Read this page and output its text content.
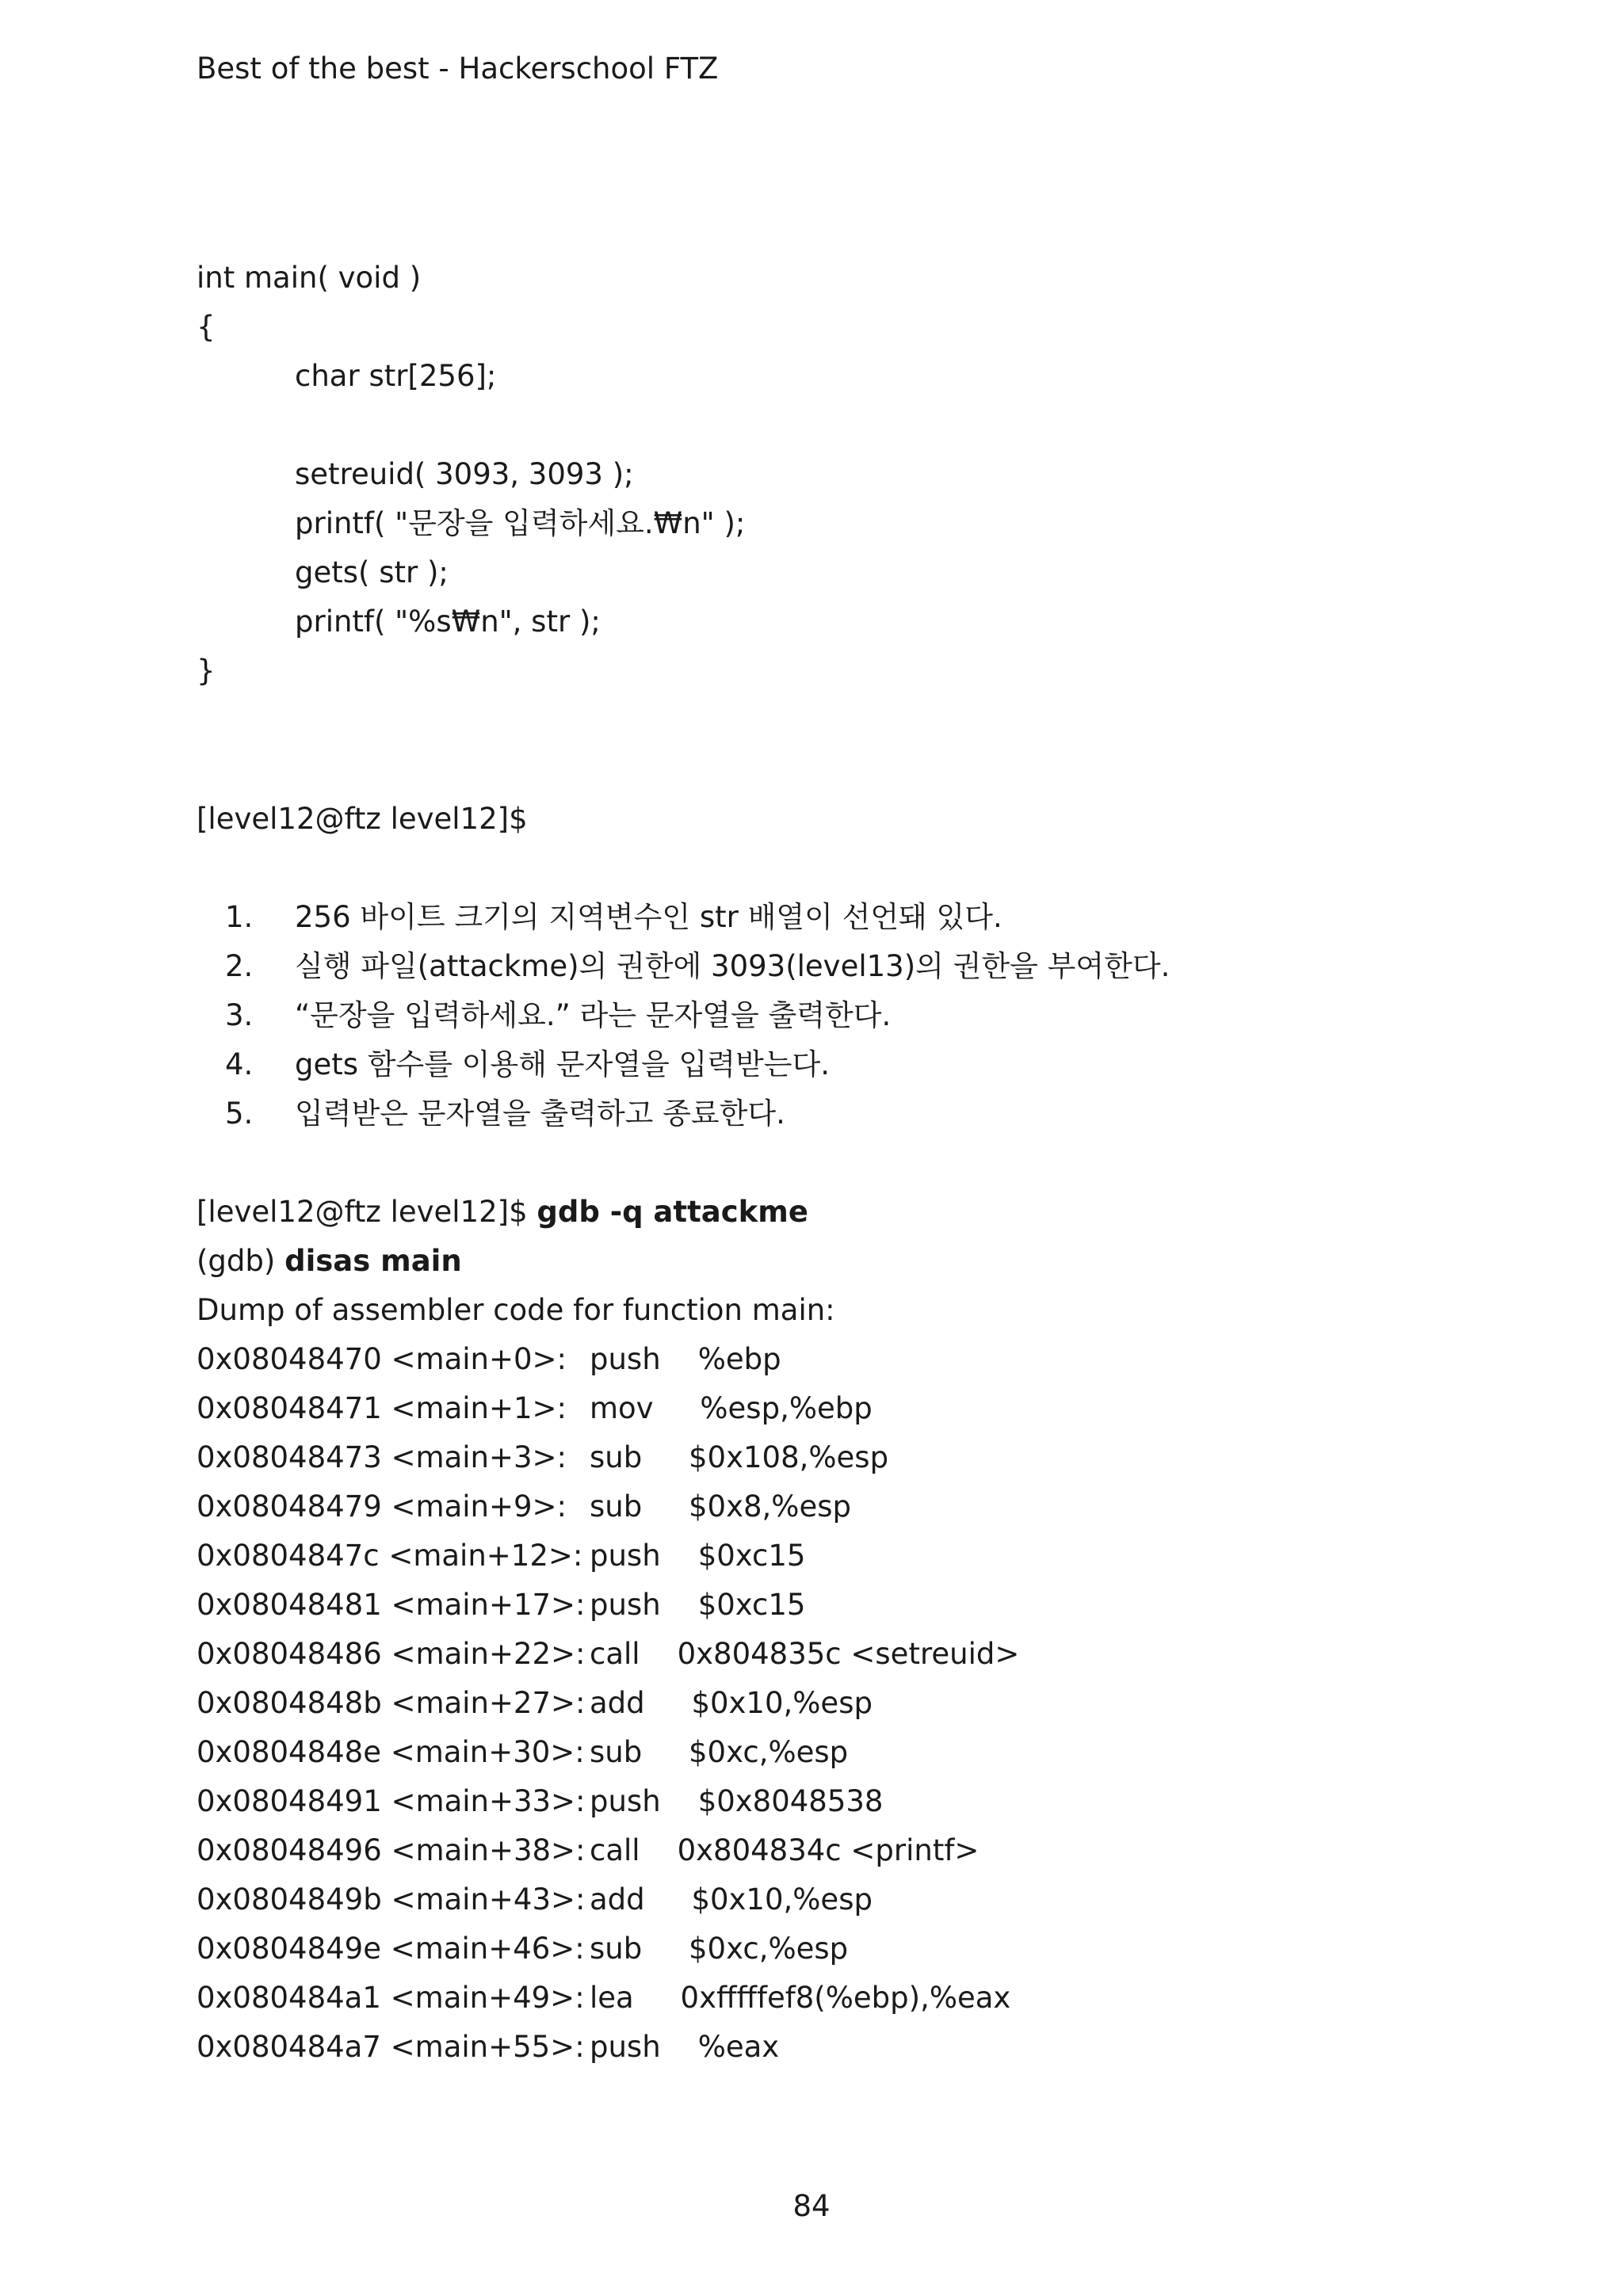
Best of the best - Hackerschool FTZ
int main( void )
{
char str[256];
setreuid( 3093, 3093 );
printf( "문장을 입력하세요.₩n" );
gets( str );
printf( "%s₩n", str );
}
[level12@ftz level12]$
1. 256 바이트 크기의 지역변수인 str 배열이 선언돼 있다.
2. 실행 파일(attackme)의 권한에 3093(level13)의 권한을 부여한다.
3. “문장을 입력하세요.” 라는 문자열을 출력한다.
4. gets 함수를 이용해 문자열을 입력받는다.
5. 입력받은 문자열을 출력하고 종료한다.
[level12@ftz level12]$ gdb -q attackme
(gdb) disas main
Dump of assembler code for function main:
0x08048470 <main+0>: push    %ebp
0x08048471 <main+1>: mov     %esp,%ebp
0x08048473 <main+3>: sub     $0x108,%esp
0x08048479 <main+9>: sub     $0x8,%esp
0x0804847c <main+12>: push    $0xc15
0x08048481 <main+17>: push    $0xc15
0x08048486 <main+22>: call    0x804835c <setreuid>
0x0804848b <main+27>: add     $0x10,%esp
0x0804848e <main+30>: sub     $0xc,%esp
0x08048491 <main+33>: push    $0x8048538
0x08048496 <main+38>: call    0x804834c <printf>
0x0804849b <main+43>: add     $0x10,%esp
0x0804849e <main+46>: sub     $0xc,%esp
0x080484a1 <main+49>: lea     0xfffffef8(%ebp),%eax
0x080484a7 <main+55>: push    %eax
84
